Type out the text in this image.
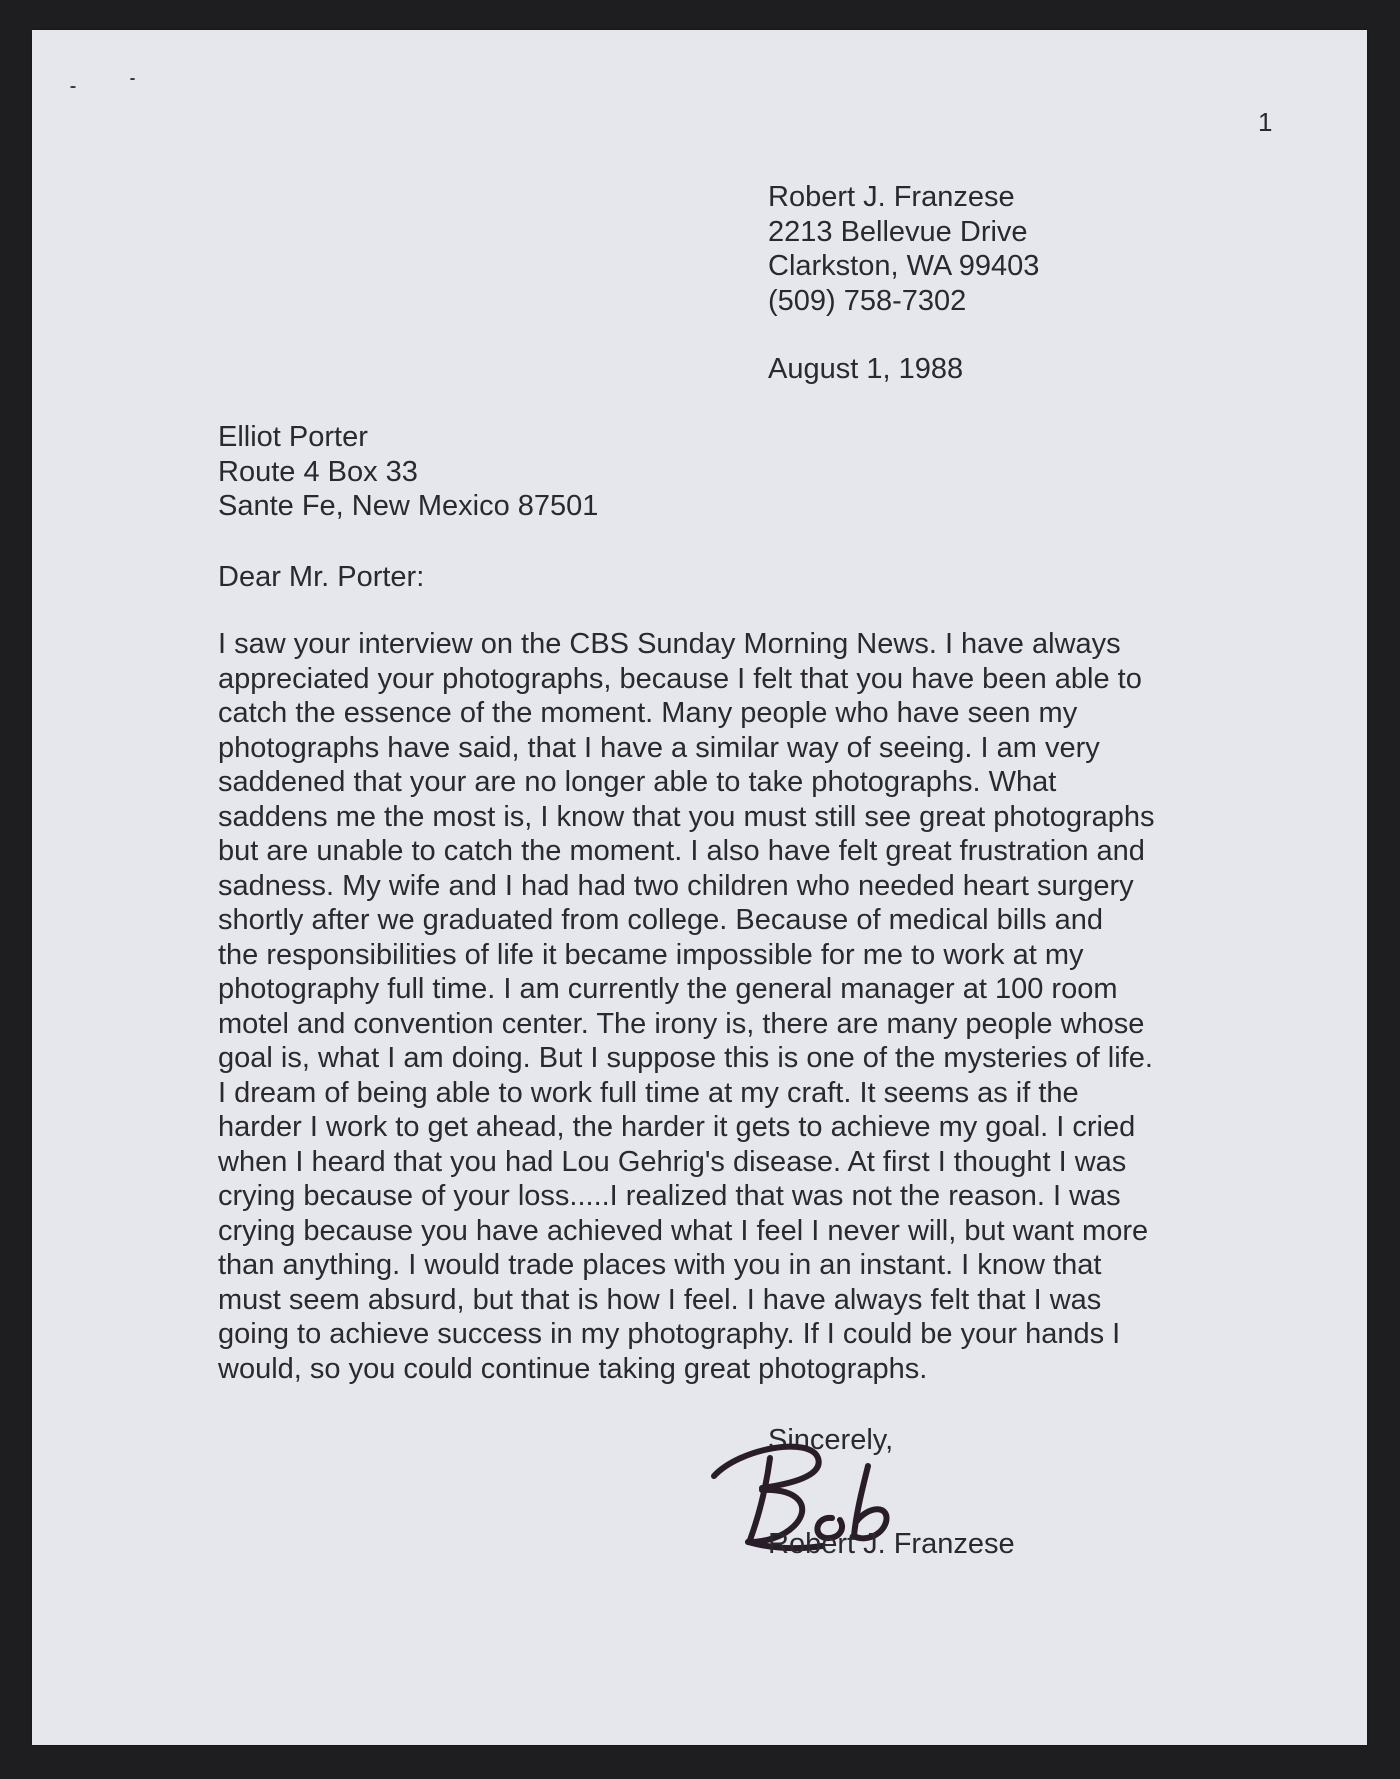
1
Robert J. Franzese
2213 Bellevue Drive
Clarkston, WA 99403
(509) 758-7302
August 1, 1988
Elliot Porter
Route 4 Box 33
Sante Fe, New Mexico 87501
Dear Mr. Porter:
I saw your interview on the CBS Sunday Morning News. I have always
appreciated your photographs, because I felt that you have been able to
catch the essence of the moment. Many people who have seen my
photographs have said, that I have a similar way of seeing. I am very
saddened that your are no longer able to take photographs. What
saddens me the most is, I know that you must still see great photographs
but are unable to catch the moment. I also have felt great frustration and
sadness. My wife and I had had two children who needed heart surgery
shortly after we graduated from college. Because of medical bills and
the responsibilities of life it became impossible for me to work at my
photography full time. I am currently the general manager at 100 room
motel and convention center. The irony is, there are many people whose
goal is, what I am doing. But I suppose this is one of the mysteries of life.
I dream of being able to work full time at my craft. It seems as if the
harder I work to get ahead, the harder it gets to achieve my goal. I cried
when I heard that you had Lou Gehrig's disease. At first I thought I was
crying because of your loss.....I realized that was not the reason. I was
crying because you have achieved what I feel I never will, but want more
than anything. I would trade places with you in an instant. I know that
must seem absurd, but that is how I feel. I have always felt that I was
going to achieve success in my photography. If I could be your hands I
would, so you could continue taking great photographs.
Sincerely,
Robert J. Franzese
